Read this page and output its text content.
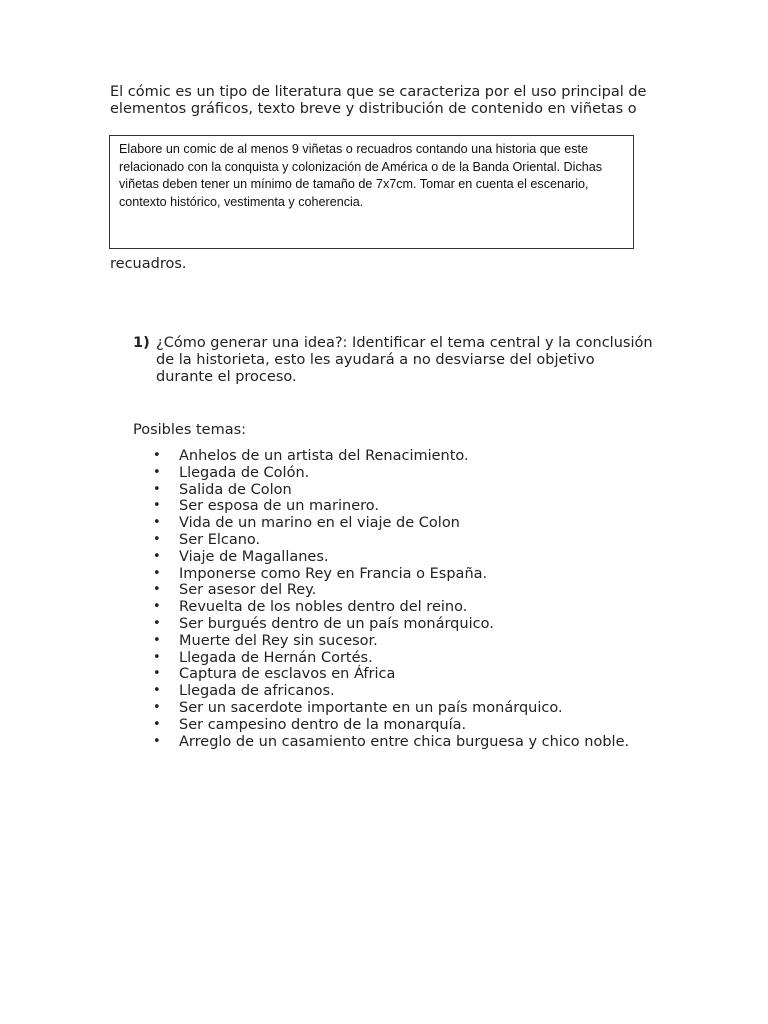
El cómic es un tipo de literatura que se caracteriza por el uso principal de elementos gráficos, texto breve y distribución de contenido en viñetas o

Elabore un comic de al menos 9 viñetas o recuadros contando una historia que este relacionado con la conquista y colonización de América o de la Banda Oriental. Dichas viñetas deben tener un mínimo de tamaño de 7x7cm. Tomar en cuenta el escenario, contexto histórico, vestimenta y coherencia.

recuadros.

1) ¿Cómo generar una idea?: Identificar el tema central y la conclusión de la historieta, esto les ayudará a no desviarse del objetivo durante el proceso.

Posibles temas:

• Anhelos de un artista del Renacimiento.
• Llegada de Colón.
• Salida de Colon
• Ser esposa de un marinero.
• Vida de un marino en el viaje de Colon
• Ser Elcano.
• Viaje de Magallanes.
• Imponerse como Rey en Francia o España.
• Ser asesor del Rey.
• Revuelta de los nobles dentro del reino.
• Ser burgués dentro de un país monárquico.
• Muerte del Rey sin sucesor.
• Llegada de Hernán Cortés.
• Captura de esclavos en África
• Llegada de africanos.
• Ser un sacerdote importante en un país monárquico.
• Ser campesino dentro de la monarquía.
• Arreglo de un casamiento entre chica burguesa y chico noble.
